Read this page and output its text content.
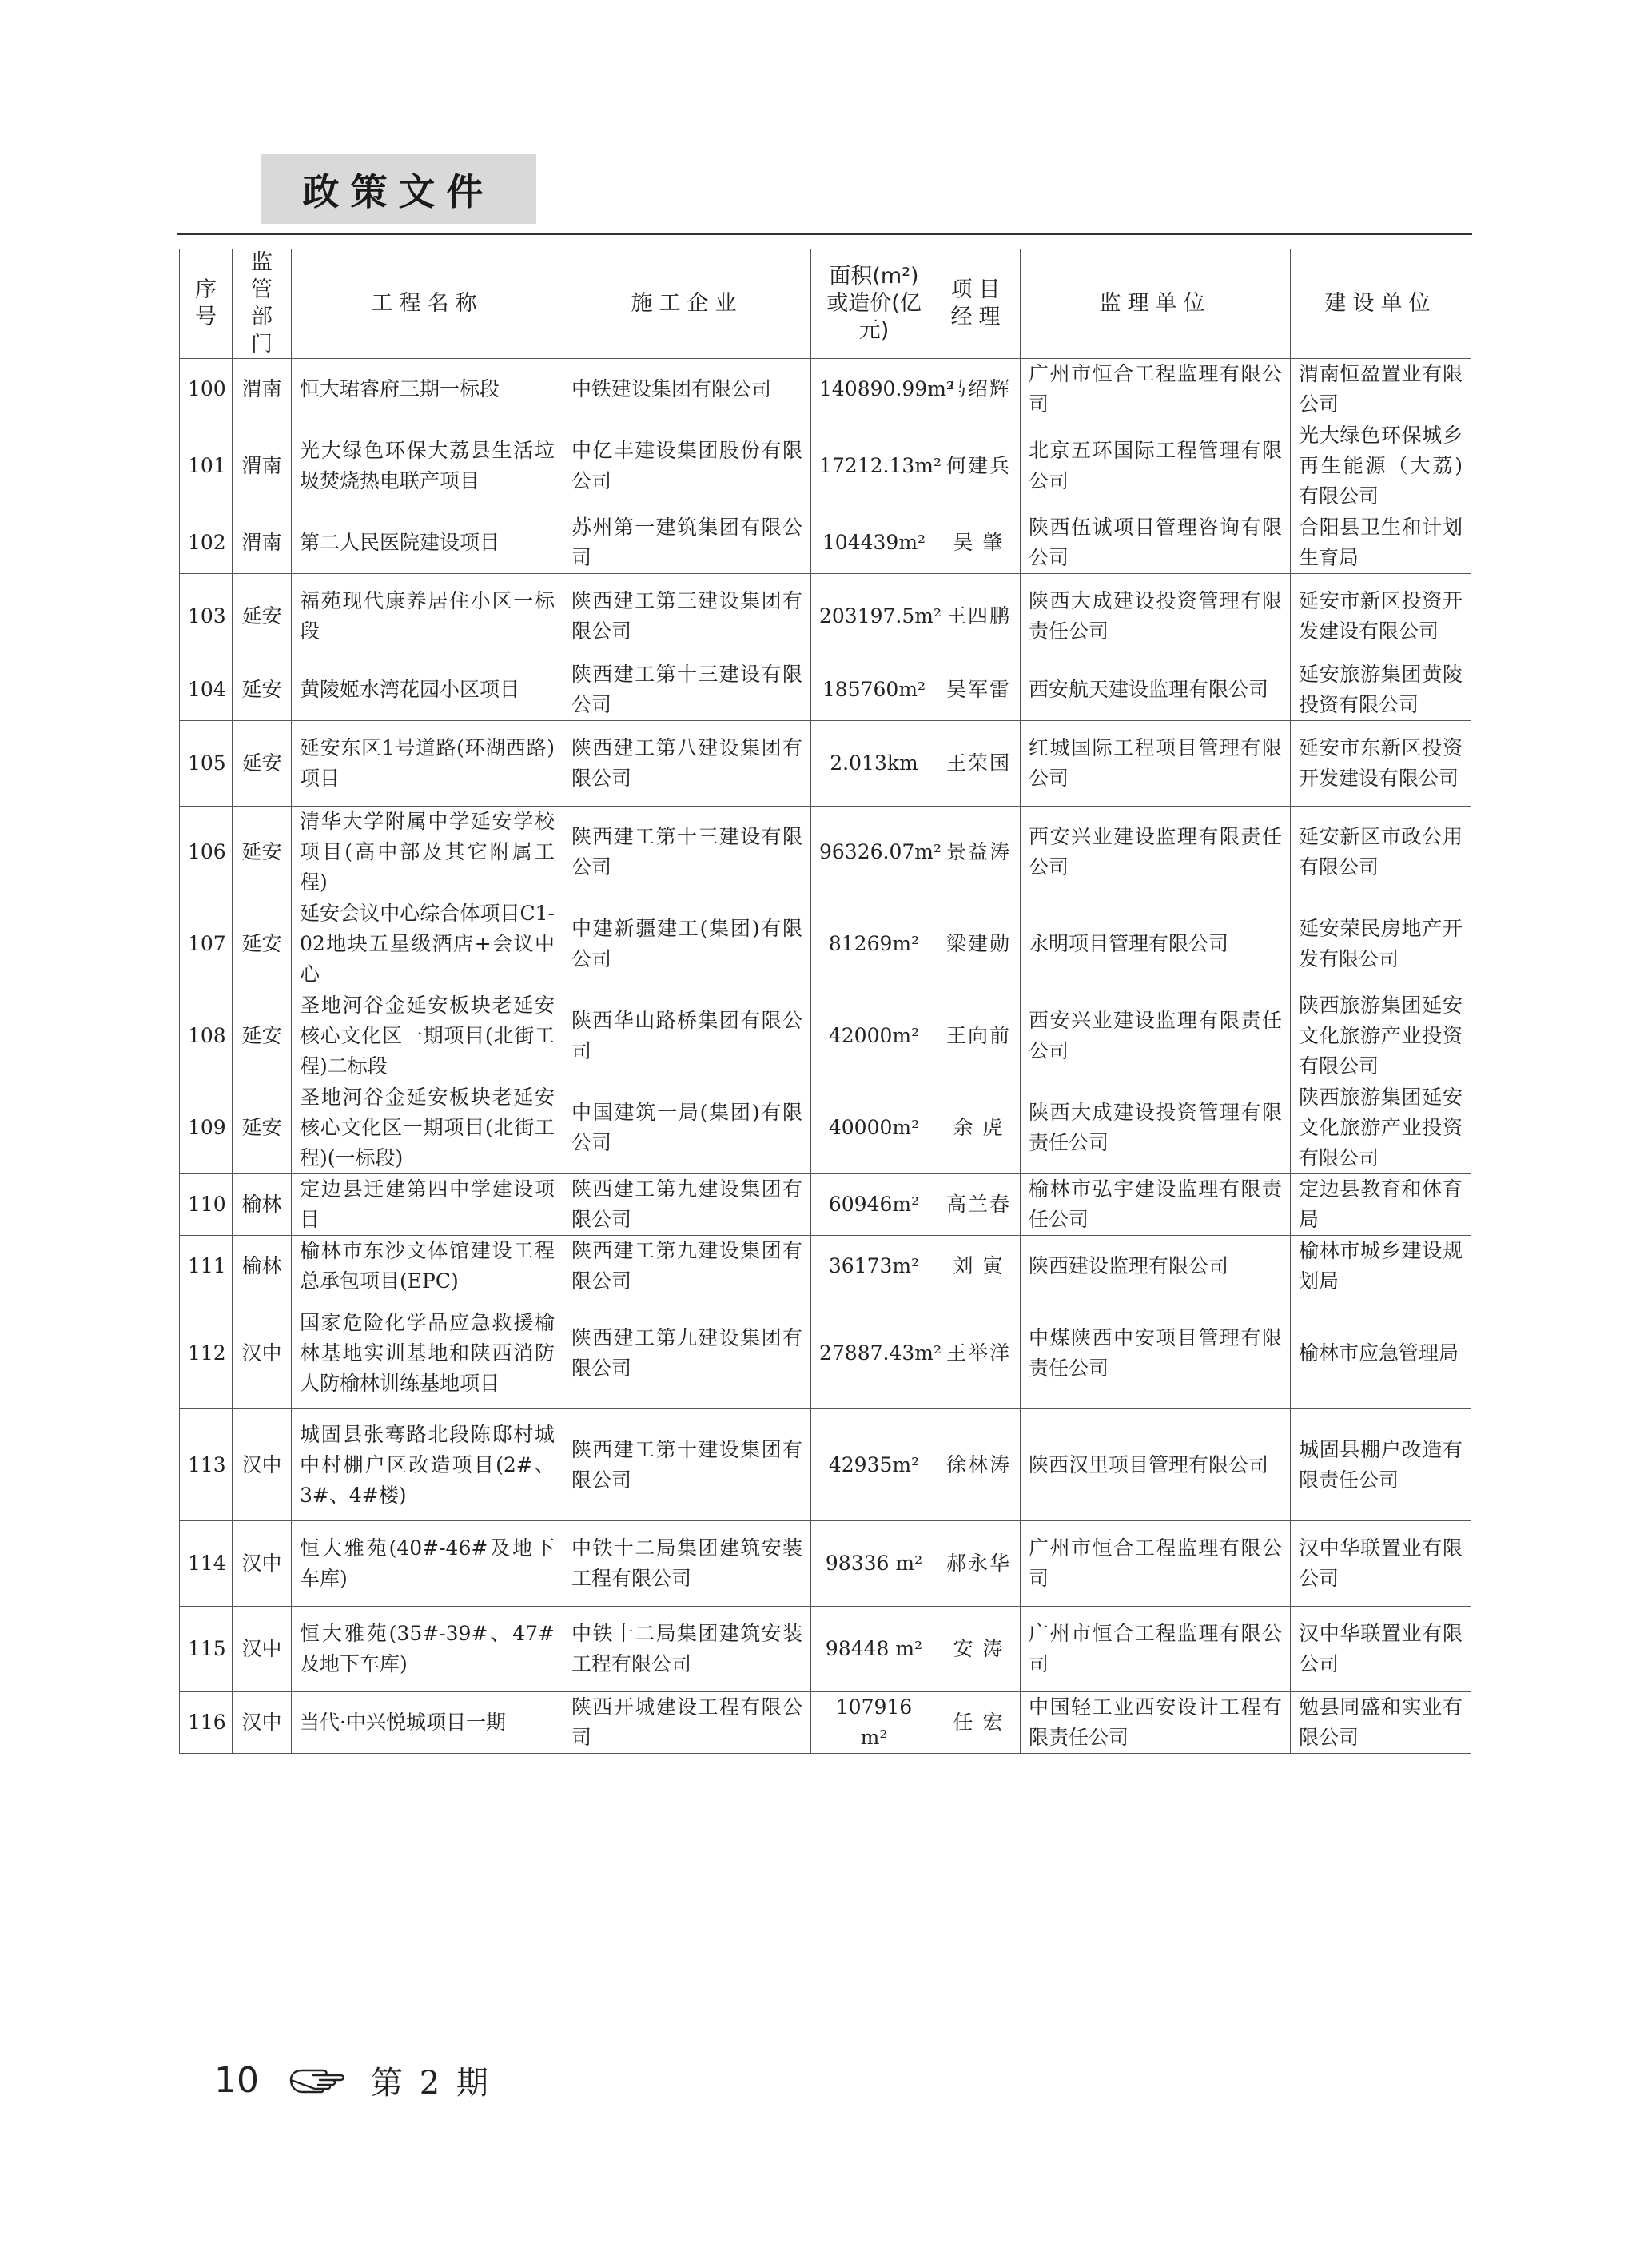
政策文件
序号	监管部门	工程名称	施工企业	面积(m²)或造价(亿元)	项目经理	监理单位	建设单位
100	渭南	恒大珺睿府三期一标段	中铁建设集团有限公司	140890.99m²	马绍辉	广州市恒合工程监理有限公司	渭南恒盈置业有限公司
101	渭南	光大绿色环保大荔县生活垃圾焚烧热电联产项目	中亿丰建设集团股份有限公司	17212.13m²	何建兵	北京五环国际工程管理有限公司	光大绿色环保城乡再生能源（大荔)有限公司
102	渭南	第二人民医院建设项目	苏州第一建筑集团有限公司	104439m²	吴 肇	陕西伍诚项目管理咨询有限公司	合阳县卫生和计划生育局
103	延安	福苑现代康养居住小区一标段	陕西建工第三建设集团有限公司	203197.5m²	王四鹏	陕西大成建设投资管理有限责任公司	延安市新区投资开发建设有限公司
104	延安	黄陵姬水湾花园小区项目	陕西建工第十三建设有限公司	185760m²	吴军雷	西安航天建设监理有限公司	延安旅游集团黄陵投资有限公司
105	延安	延安东区1号道路(环湖西路)项目	陕西建工第八建设集团有限公司	2.013km	王荣国	红城国际工程项目管理有限公司	延安市东新区投资开发建设有限公司
106	延安	清华大学附属中学延安学校项目(高中部及其它附属工程)	陕西建工第十三建设有限公司	96326.07m²	景益涛	西安兴业建设监理有限责任公司	延安新区市政公用有限公司
107	延安	延安会议中心综合体项目C1-02地块五星级酒店+会议中心	中建新疆建工(集团)有限公司	81269m²	梁建勋	永明项目管理有限公司	延安荣民房地产开发有限公司
108	延安	圣地河谷金延安板块老延安核心文化区一期项目(北街工程)二标段	陕西华山路桥集团有限公司	42000m²	王向前	西安兴业建设监理有限责任公司	陕西旅游集团延安文化旅游产业投资有限公司
109	延安	圣地河谷金延安板块老延安核心文化区一期项目(北街工程)(一标段)	中国建筑一局(集团)有限公司	40000m²	余 虎	陕西大成建设投资管理有限责任公司	陕西旅游集团延安文化旅游产业投资有限公司
110	榆林	定边县迁建第四中学建设项目	陕西建工第九建设集团有限公司	60946m²	高兰春	榆林市弘宇建设监理有限责任公司	定边县教育和体育局
111	榆林	榆林市东沙文体馆建设工程总承包项目(EPC)	陕西建工第九建设集团有限公司	36173m²	刘 寅	陕西建设监理有限公司	榆林市城乡建设规划局
112	汉中	国家危险化学品应急救援榆林基地实训基地和陕西消防人防榆林训练基地项目	陕西建工第九建设集团有限公司	27887.43m²	王举洋	中煤陕西中安项目管理有限责任公司	榆林市应急管理局
113	汉中	城固县张骞路北段陈邸村城中村棚户区改造项目(2#、3#、4#楼)	陕西建工第十建设集团有限公司	42935m²	徐林涛	陕西汉里项目管理有限公司	城固县棚户改造有限责任公司
114	汉中	恒大雅苑(40#-46#及地下车库)	中铁十二局集团建筑安装工程有限公司	98336 m²	郝永华	广州市恒合工程监理有限公司	汉中华联置业有限公司
115	汉中	恒大雅苑(35#-39#、47#及地下车库)	中铁十二局集团建筑安装工程有限公司	98448 m²	安 涛	广州市恒合工程监理有限公司	汉中华联置业有限公司
116	汉中	当代·中兴悦城项目一期	陕西开城建设工程有限公司	107916 m²	任 宏	中国轻工业西安设计工程有限责任公司	勉县同盛和实业有限公司
10	第 2 期
